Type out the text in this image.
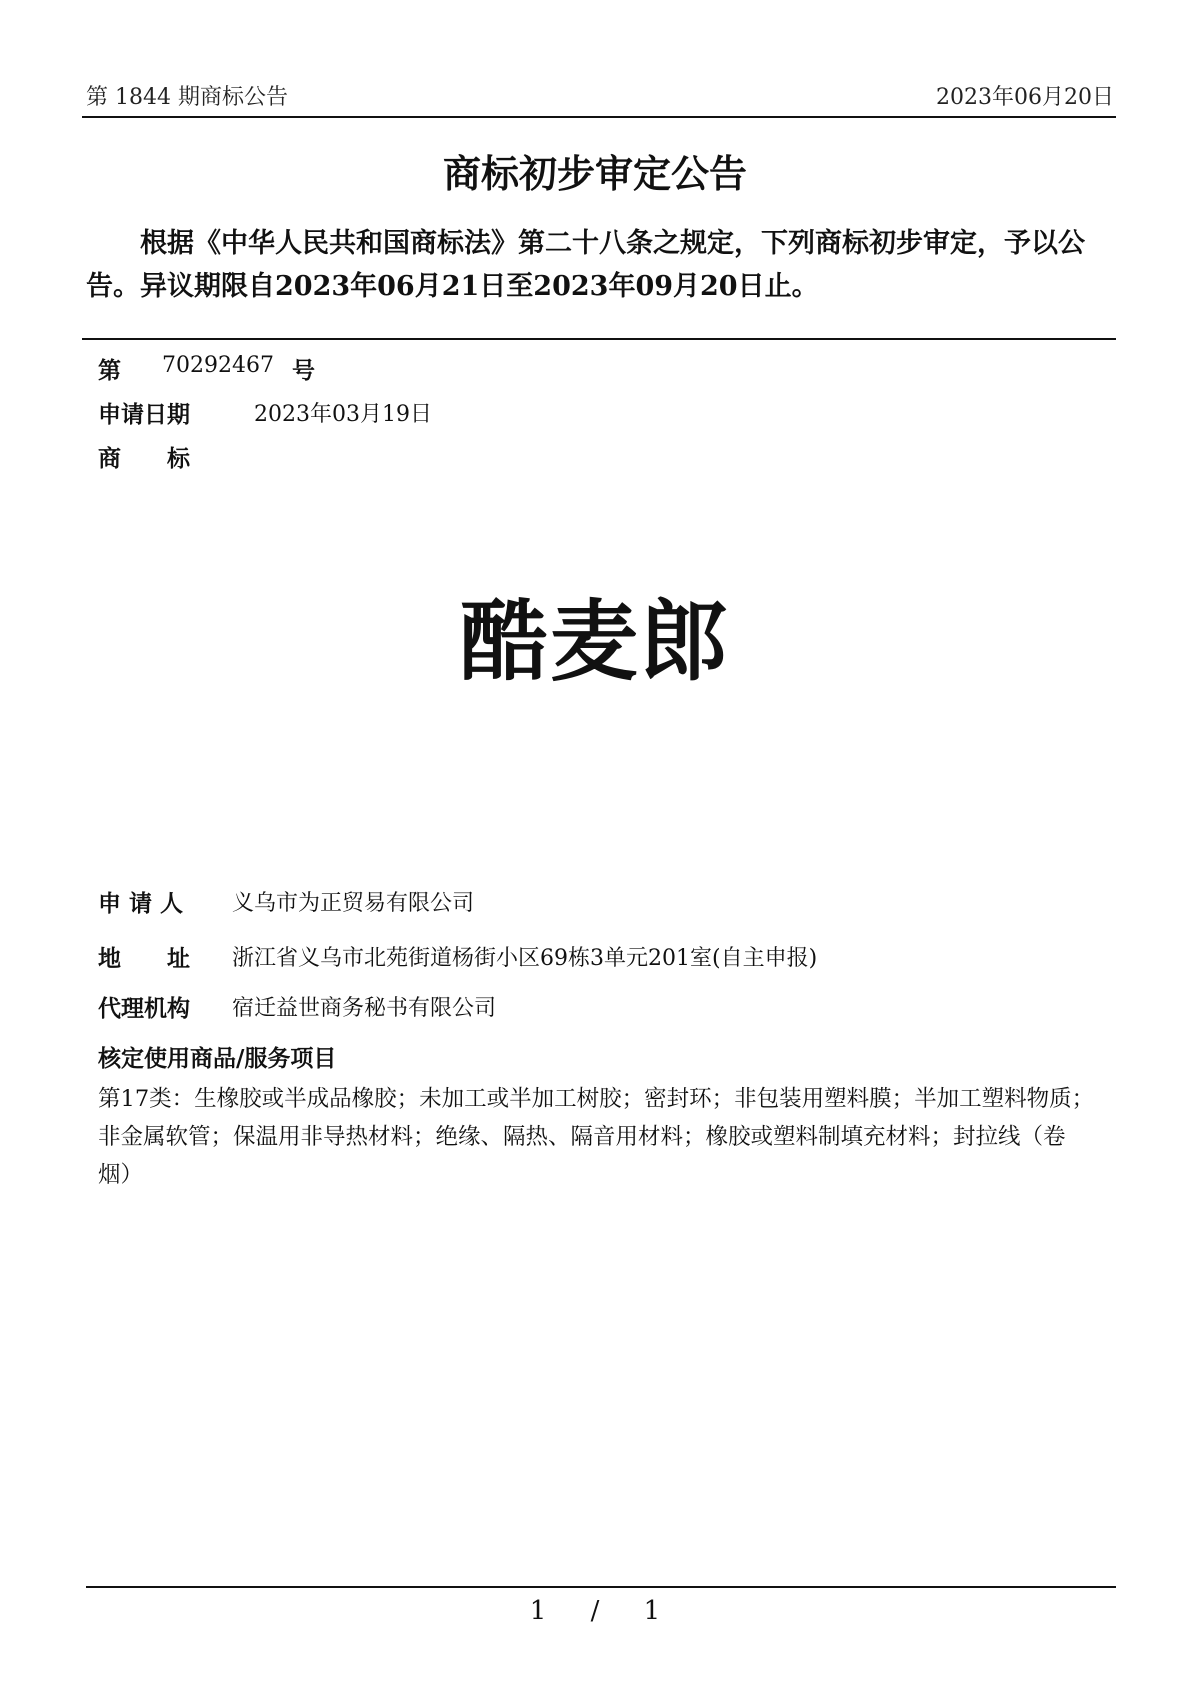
第 1844 期商标公告	2023年06月20日
商标初步审定公告
根据《中华人民共和国商标法》第二十八条之规定，下列商标初步审定，予以公告。异议期限自2023年06月21日至2023年09月20日止。
第 70292467 号
申请日期	2023年03月19日
商　　标
酷麦郎
申 请 人 义乌市为正贸易有限公司
地　　址 浙江省义乌市北苑街道杨街小区69栋3单元201室(自主申报)
代理机构 宿迁益世商务秘书有限公司
核定使用商品/服务项目
第17类：生橡胶或半成品橡胶；未加工或半加工树胶；密封环；非包装用塑料膜；半加工塑料物质；非金属软管；保温用非导热材料；绝缘、隔热、隔音用材料；橡胶或塑料制填充材料；封拉线（卷烟）
1 / 1
